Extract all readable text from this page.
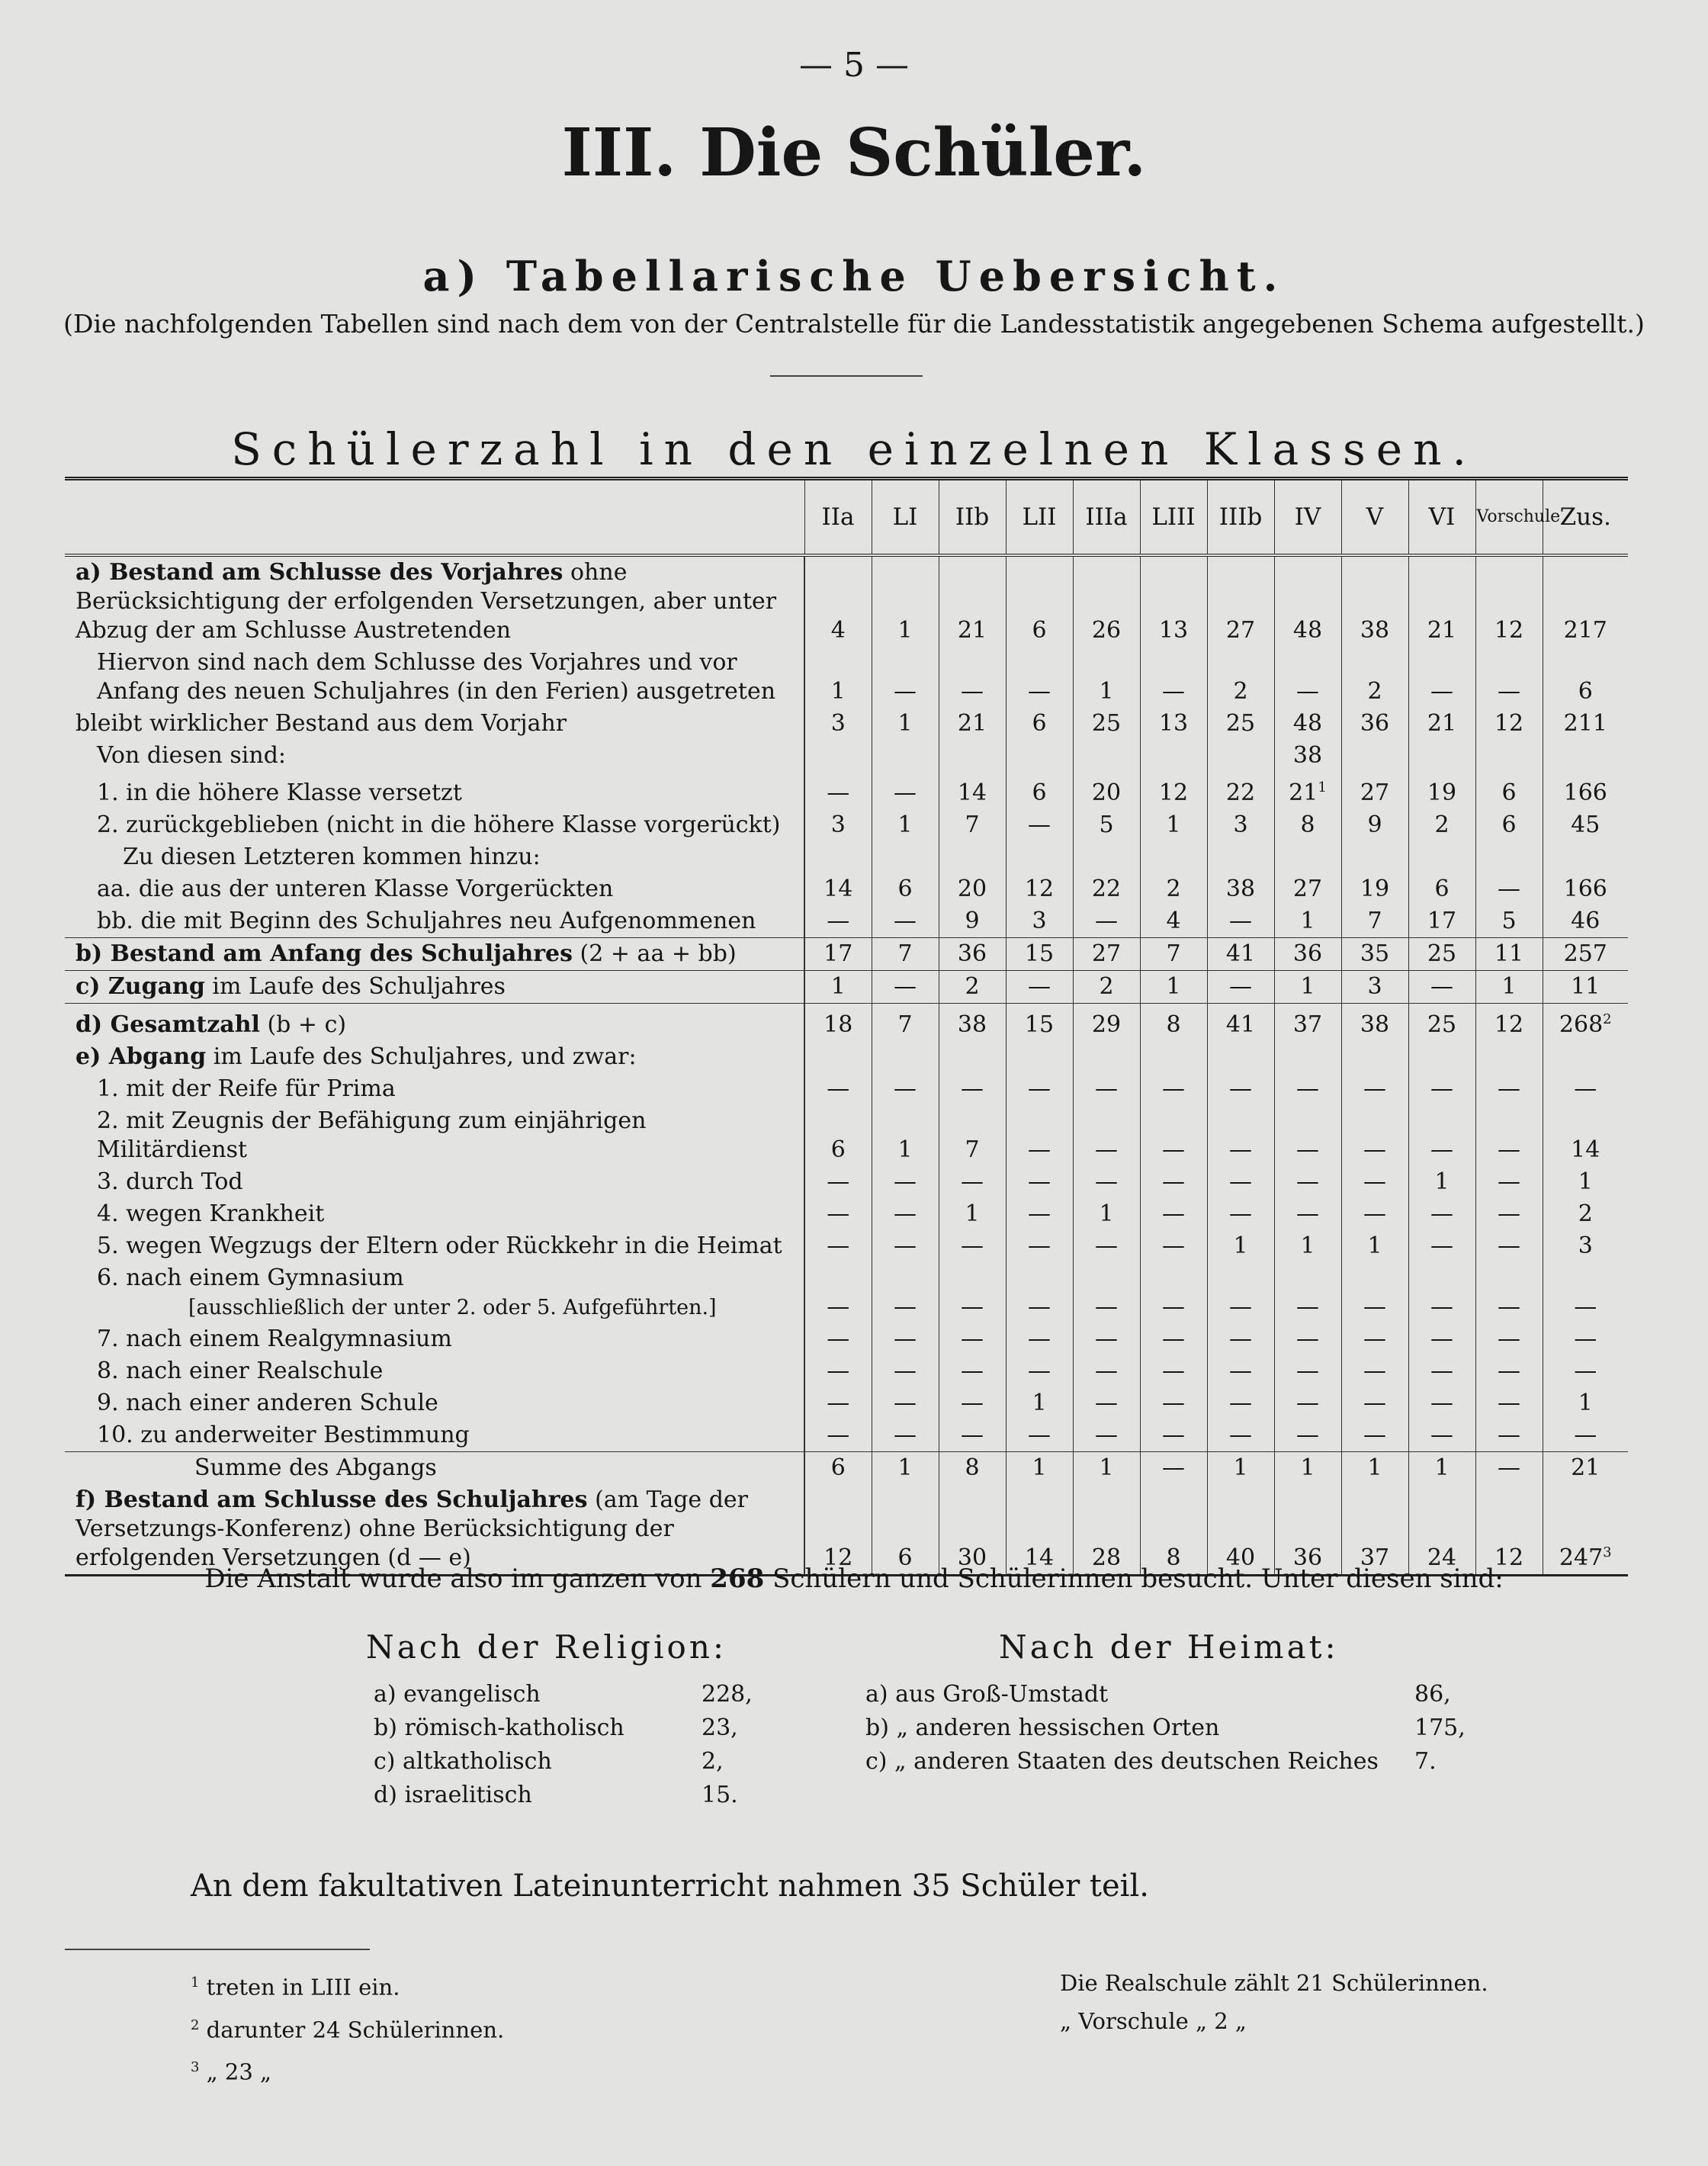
— 5 —
III. Die Schüler.
a) Tabellarische Uebersicht.
(Die nachfolgenden Tabellen sind nach dem von der Centralstelle für die Landesstatistik angegebenen Schema aufgestellt.)
Schülerzahl in den einzelnen Klassen.
	IIa	LI	IIb	LII	IIIa	LIII	IIIb	IV	V	VI	Vorschule	Zus.
a) Bestand am Schlusse des Vorjahres ohne Berücksichtigung der erfolgenden Versetzungen, aber unter Abzug der am Schlusse Austretenden	4	1	21	6	26	13	27	48	38	21	12	217
Hiervon sind nach dem Schlusse des Vorjahres und vor Anfang des neuen Schuljahres (in den Ferien) ausgetreten	1	—	—	—	1	—	2	—	2	—	—	6
bleibt wirklicher Bestand aus dem Vorjahr	3	1	21	6	25	13	25	48	36	21	12	211
Von diesen sind:								38				
1. in die höhere Klasse versetzt	—	—	14	6	20	12	22	$21^1$	27	19	6	166
2. zurückgeblieben (nicht in die höhere Klasse vorgerückt)	3	1	7	—	5	1	3	8	9	2	6	45
Zu diesen Letzteren kommen hinzu:												
aa. die aus der unteren Klasse Vorgerückten	14	6	20	12	22	2	38	27	19	6	—	166
bb. die mit Beginn des Schuljahres neu Aufgenommenen	—	—	9	3	—	4	—	1	7	17	5	46
b) Bestand am Anfang des Schuljahres (2 + aa + bb)	17	7	36	15	27	7	41	36	35	25	11	257
c) Zugang im Laufe des Schuljahres	1	—	2	—	2	1	—	1	3	—	1	11
d) Gesamtzahl (b + c)	18	7	38	15	29	8	41	37	38	25	12	$268^2$
e) Abgang im Laufe des Schuljahres, und zwar:												
1. mit der Reife für Prima	—	—	—	—	—	—	—	—	—	—	—	—
2. mit Zeugnis der Befähigung zum einjährigen Militärdienst	6	1	7	—	—	—	—	—	—	—	—	14
3. durch Tod	—	—	—	—	—	—	—	—	—	1	—	1
4. wegen Krankheit	—	—	1	—	1	—	—	—	—	—	—	2
5. wegen Wegzugs der Eltern oder Rückkehr in die Heimat	—	—	—	—	—	—	1	1	1	—	—	3
6. nach einem Gymnasium[ausschließlich der unter 2. oder 5. Aufgeführten.]	—	—	—	—	—	—	—	—	—	—	—	—
7. nach einem Realgymnasium	—	—	—	—	—	—	—	—	—	—	—	—
8. nach einer Realschule	—	—	—	—	—	—	—	—	—	—	—	—
9. nach einer anderen Schule	—	—	—	1	—	—	—	—	—	—	—	1
10. zu anderweiter Bestimmung	—	—	—	—	—	—	—	—	—	—	—	—
Summe des Abgangs	6	1	8	1	1	—	1	1	1	1	—	21
f) Bestand am Schlusse des Schuljahres (am Tage der Versetzungs-Konferenz) ohne Berücksichtigung der erfolgenden Versetzungen (d — e)	12	6	30	14	28	8	40	36	37	24	12	$247^3$
Die Anstalt wurde also im ganzen von 268 Schülern und Schülerinnen besucht. Unter diesen sind:
Nach der Religion:	Nach der Heimat:
a) evangelisch	228,
b) römisch-katholisch	23,
c) altkatholisch	2,
d) israelitisch	15.
a) aus Groß-Umstadt	86,
b) „ anderen hessischen Orten	175,
c) „ anderen Staaten des deutschen Reiches	7.
An dem fakultativen Lateinunterricht nahmen 35 Schüler teil.
$^1$ treten in LIII ein.
$^2$ darunter 24 Schülerinnen.
$^3$ „ 23 „
Die Realschule zählt 21 Schülerinnen.
„ Vorschule „ 2 „
